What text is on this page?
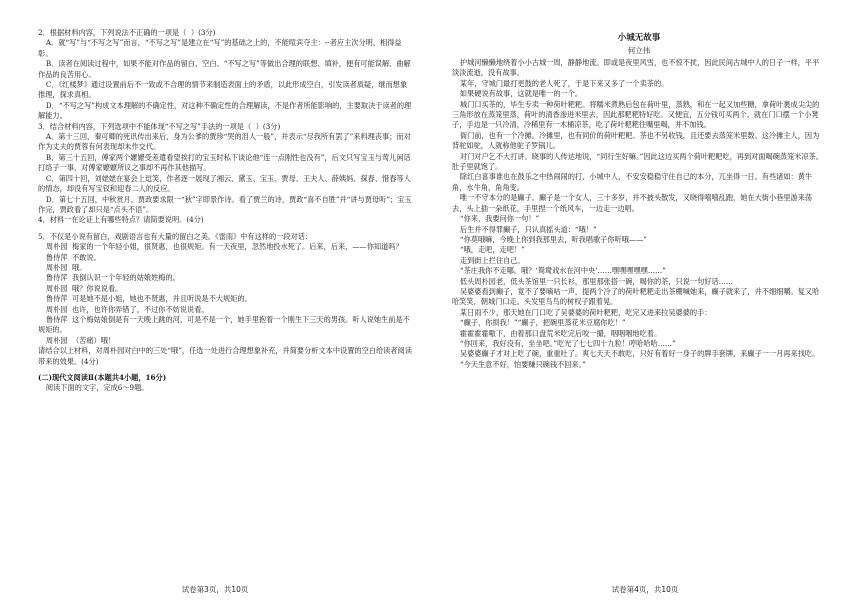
2．根据材料内容，下列说法不正确的一项是（  ）(3分)

A．就“写”与“不写之写”而言，“不写之写”是建立在“写”的基础之上的，不能喧宾夺主：--者应主次分明，相得益彰。

B．读者在阅读过程中，如果不能对作品的留白、空白、“不写之写”等做出合理的联想、填补，便有可能误解、曲解作品的良苦用心。

C．《红楼梦》通过设置前后不一致或不合理的情节来制造表面上的矛盾，以此形成空白，引发读者质疑，继而想象推理，探求真相。

D．“不写之写”构成文本理解的不确定性，对这种不确定性的合理解读，不是作者所能影响的，主要取决于读者的理解能力。

3．结合材料内容，下列选项中不能体现“不写之写”手法的一项是（  ）(3分)

A．第十三回，秦可卿的死讯传出来后，身为公爹的贾珍“哭的泪人一般”，并表示“尽我所有罢了”来料理丧事；而对作为丈夫的贾蓉有何表现却未作交代。

B．第三十五回，傅家两个嬷嬷受差遣看望挨打的宝玉时私下谈论他“连一点刚性也没有”，后文只写宝玉与莺儿闲话打络子一事，对傅家嬷嬷所议之事却不再作其他描写。

C．第四十回，刘姥姥在宴会上逗笑，作者逐一展现了湘云、黛玉、宝玉、贾母、王夫人、薛姨妈、探春、惜春等人的情态，却没有写宝钗和迎春二人的反应。

D．第七十五回，中秋赏月，贾政要求限一“秋”字即景作诗。看了贾兰的诗，贾政“喜不自胜”并“讲与贾母听”；宝玉作完，贾政看了却只是“点头不语”。

4．材料一在论证上有哪些特点？请简要说明。(4分)

5．不仅是小说有留白，戏剧语言也有大量的留白之美。《雷雨》中有这样的一段对话：

周朴园  梅家的一个年轻小姐，很贤惠，也很规矩。有一天夜里，忽然地投水死了。后来，后来，——你知道吗？

鲁侍萍  不敢说。

周朴园  哦。

鲁侍萍  我倒认识一个年轻的姑娘姓梅的。

周朴园  哦？你说说看。

鲁侍萍  可是她不是小姐，她也不贤惠，并且听说是不大规矩的。

周朴园  也许，也许你弄错了，不过你不妨说说看。

鲁侍萍  这个梅姑娘倒是有一天晚上跳的河，可是不是一个，她手里抱着一个刚生下三天的男孩。听人说她生前是不规矩的。

周朴园  （苦痛）哦！

请结合以上材料，对周朴园对白中的三处“哦”，任选一处进行合理想象补充，并简要分析文本中设置的空白给读者阅读带来的效果。(4分)

(二)现代文阅读Ⅱ(本题共4小题，16分)

阅读下面的文字，完成6～9题。

试卷第3页，共10页

小城无故事

何立伟

护城河懒懒地绕着小小古城一周，静静地流。即或是夜里风雪，也不惊不扰，因此民间古城中人的日子一样，平平淡淡流逝，没有故事。

某年，守城门最打更鼓的老人死了，于是下来又多了一个卖茶的。

如果硬说有故事，这就是唯一的一个。

城门口买茶的，毕生专卖一种荷叶粑粑。将糯米煮熟后包在荷叶里，蒸熟，和在一起又加些糖，拿荷叶裹成尖尖的三角形放在蒸笼里蒸，荷叶的清香渗进米里去，因此那粑粑特好吃。又便宜，五分钱可买两个。就在门口摆一个小凳子，手边是一只冷清，冷稀里有一木桶凉茶，吃了荷叶粑粑往嘴里喝，并不加钱。

衙门前，也有一个冷摊。冷摊里，也有同价的荷叶粑粑。茶也不另收钱，且还要去蒸笼米里数。这冷摊主人，因为背驼如驼，人就称他驼子罗锅儿。

对门对户乞不大打讲。晓事的人传达地说，“同行生好嘛。”因此这边买两个荷叶粑粑吃，再到对面喝碗蒸笼米凉茶。肚子里就饱了。

除红白喜事谁也在鼓乐之中热闹闹的打，小城中人，不安安稳稳守住自己的本分，兀坐得一日。有些诸如：黄牛角，水牛角，角角变。

唯一不守本分的是癫子。癫子是一个女人，三十多岁，并不披头散发，又晓得嘻嘻乱跑，她在大街小巷里游来荡去，头上插一朵纸花，手里捏一个纸风车，一边走一边唱。

“你来，我要问你一句！”

后生并不得罪癫子，只认真摇头道：“哦！”

“你莫哦嘛，今晚上你到我那里去，听我唱歌子你听哦——”

“哦，走吧，走吧！”

走到街上拦住自己。

“茶庄我你不走哪。哦？‘鸳鸯戏水在河中央’……嘿嘿嘿嘿嘿……”

低头周朴园老，低头茶馆里一只长衫，那里那张搭一碗，喝你的茶，只说一句好话……

吴婆婆看到癫子，竟不了要嘀咕一声，提两个冷了的荷叶粑粑走出茶棚喊她来，癫子就来了，并不细细嚼。复又哈哈笑笑，朝城门口走。头发里鸟鸟的树杈子跟着晃。

某日雨不少，那天她在门口吃了吴婆婆的荷叶粑粑，吃完又进来拉吴婆婆的手：

“癫子，你损我！”“癫子，把碗里蒸花米豆腐你吃！”

霍霍霍霍嗷下，由着那口盘荒米吃完后咬一撮，咽咽咽地吃着。

“你回来，我好没有，坐坐吧。”吃光了七七四十九粒！哼哈哈哈……”

吴婆婆癫子才对上吃了碗，重重吐了。爽七天天不敢吃，只好有着好一身子的牌手套牌，来癫子一一月再来找吃。

“今天生意不好，怕要赚只碗钱不回来。”

试卷第4页，共10页
